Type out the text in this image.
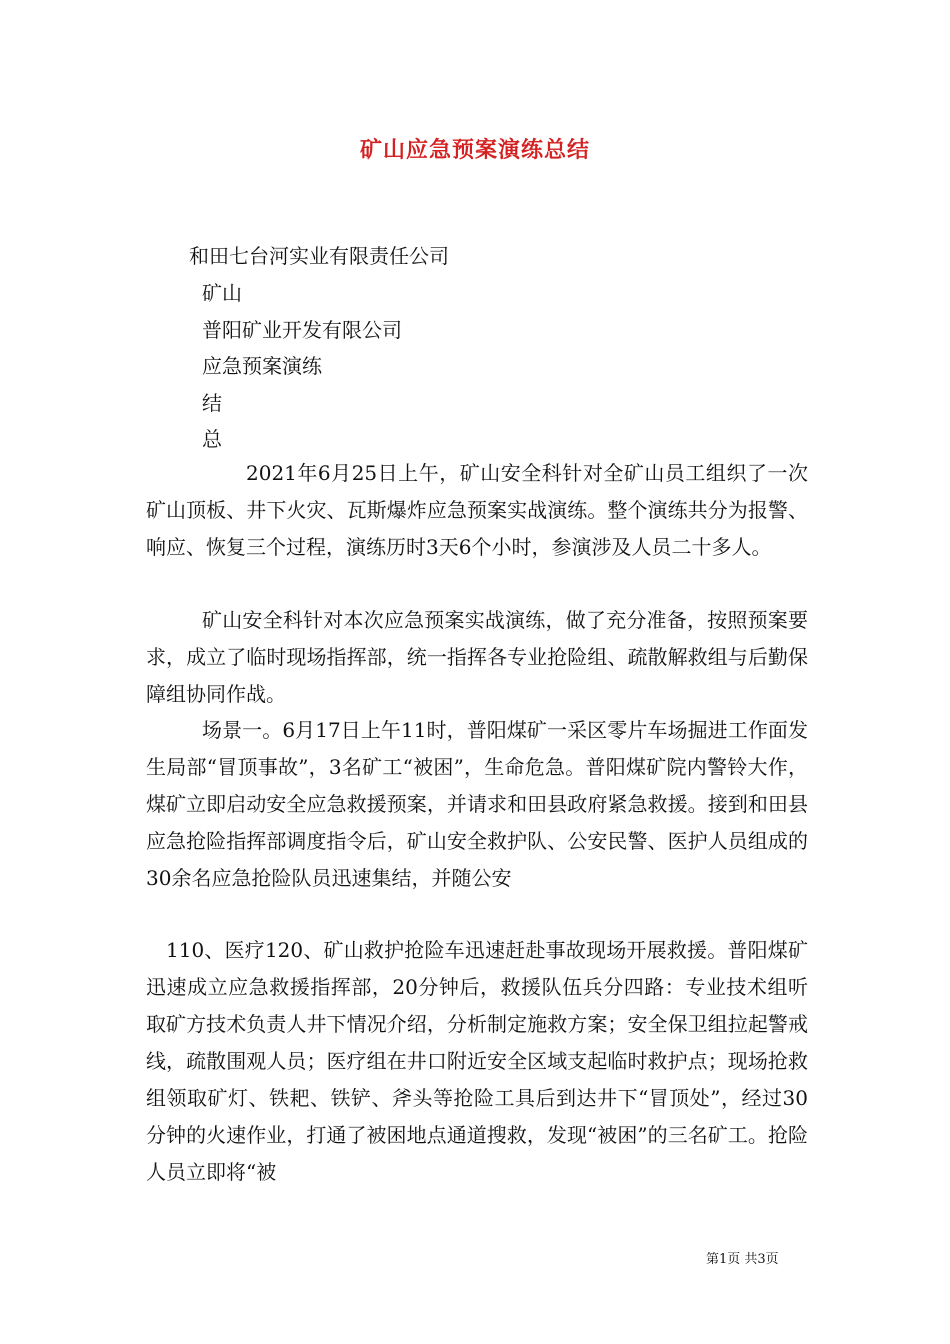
矿山应急预案演练总结
和田七台河实业有限责任公司
矿山
普阳矿业开发有限公司
应急预案演练
结
总
2021年6月25日上午，矿山安全科针对全矿山员工组织了一次矿山顶板、井下火灾、瓦斯爆炸应急预案实战演练。整个演练共分为报警、响应、恢复三个过程，演练历时3天6个小时，参演涉及人员二十多人。
矿山安全科针对本次应急预案实战演练，做了充分准备，按照预案要求，成立了临时现场指挥部，统一指挥各专业抢险组、疏散解救组与后勤保障组协同作战。
场景一。6月17日上午11时，普阳煤矿一采区零片车场掘进工作面发生局部“冒顶事故”，3名矿工“被困”，生命危急。普阳煤矿院内警铃大作，煤矿立即启动安全应急救援预案，并请求和田县政府紧急救援。接到和田县应急抢险指挥部调度指令后，矿山安全救护队、公安民警、医护人员组成的30余名应急抢险队员迅速集结，并随公安
110、医疗120、矿山救护抢险车迅速赶赴事故现场开展救援。普阳煤矿迅速成立应急救援指挥部，20分钟后，救援队伍兵分四路：专业技术组听取矿方技术负责人井下情况介绍，分析制定施救方案；安全保卫组拉起警戒线，疏散围观人员；医疗组在井口附近安全区域支起临时救护点；现场抢救组领取矿灯、铁耙、铁铲、斧头等抢险工具后到达井下“冒顶处”，经过30分钟的火速作业，打通了被困地点通道搜救，发现“被困”的三名矿工。抢险人员立即将“被
第1页 共3页
